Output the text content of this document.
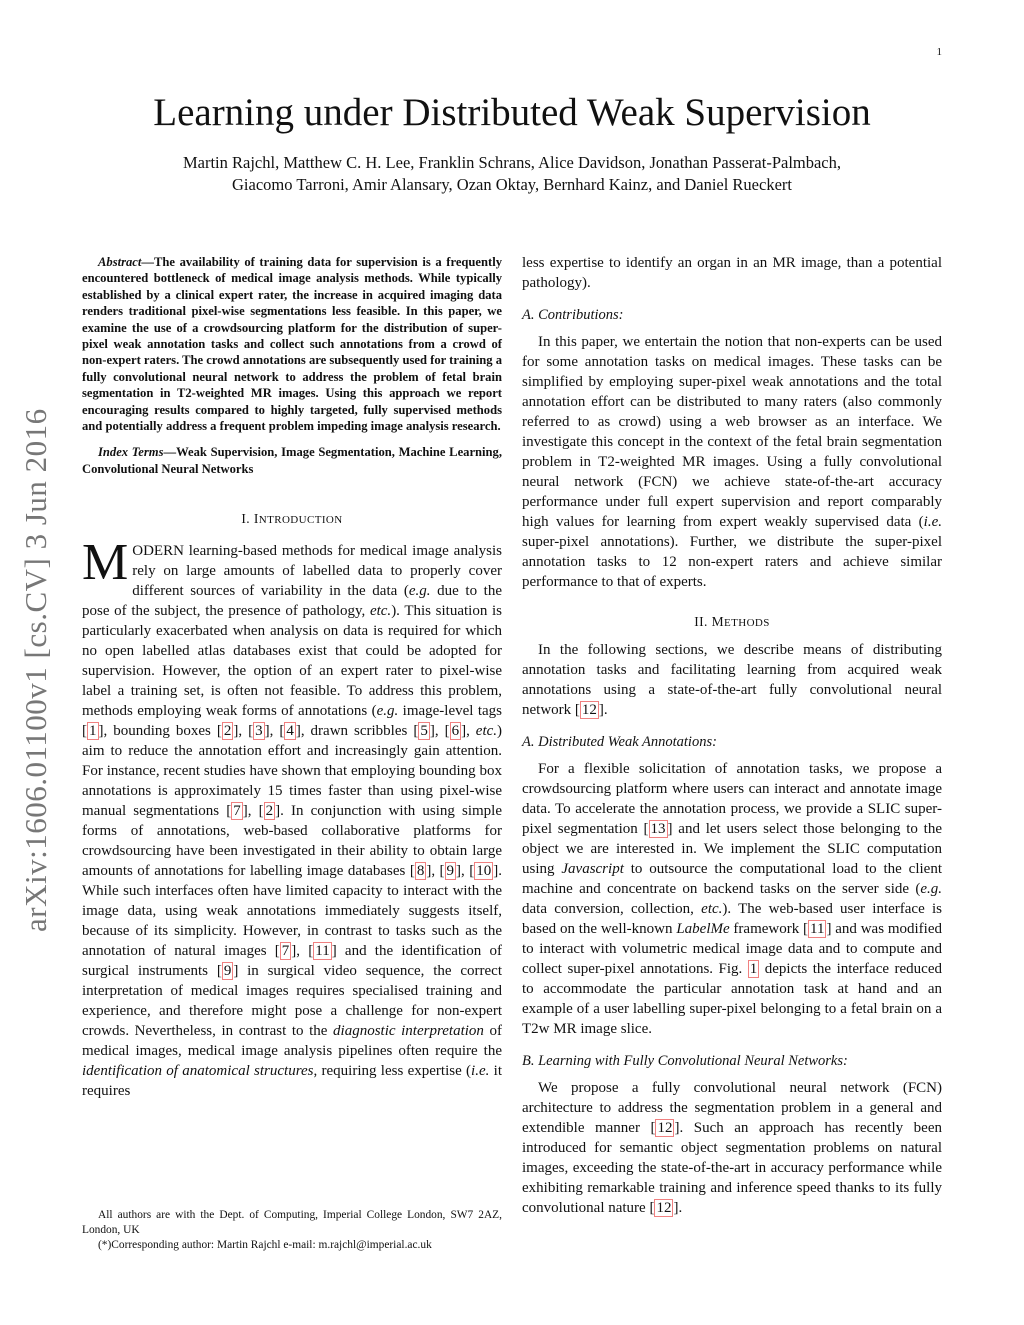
1
arXiv:1606.01100v1 [cs.CV] 3 Jun 2016
Learning under Distributed Weak Supervision
Martin Rajchl, Matthew C. H. Lee, Franklin Schrans, Alice Davidson, Jonathan Passerat-Palmbach,
Giacomo Tarroni, Amir Alansary, Ozan Oktay, Bernhard Kainz, and Daniel Rueckert

Abstract—The availability of training data for supervision is a frequently encountered bottleneck of medical image analysis methods. While typically established by a clinical expert rater, the increase in acquired imaging data renders traditional pixel-wise segmentations less feasible. In this paper, we examine the use of a crowdsourcing platform for the distribution of super-pixel weak annotation tasks and collect such annotations from a crowd of non-expert raters. The crowd annotations are subsequently used for training a fully convolutional neural network to address the problem of fetal brain segmentation in T2-weighted MR images. Using this approach we report encouraging results compared to highly targeted, fully supervised methods and potentially address a frequent problem impeding image analysis research.

Index Terms—Weak Supervision, Image Segmentation, Machine Learning, Convolutional Neural Networks

I. INTRODUCTION

MODERN learning-based methods for medical image analysis rely on large amounts of labelled data to properly cover different sources of variability in the data (e.g. due to the pose of the subject, the presence of pathology, etc.). This situation is particularly exacerbated when analysis on data is required for which no open labelled atlas databases exist that could be adopted for supervision. However, the option of an expert rater to pixel-wise label a training set, is often not feasible. To address this problem, methods employing weak forms of annotations (e.g. image-level tags [ 1 ], bounding boxes [ 2 ], [ 3 ], [ 4 ], drawn scribbles [ 5 ], [ 6 ], etc.) aim to reduce the annotation effort and increasingly gain attention. For instance, recent studies have shown that employing bounding box annotations is approximately 15 times faster than using pixel-wise manual segmentations [ 7 ], [ 2 ]. In conjunction with using simple forms of annotations, web-based collaborative platforms for crowdsourcing have been investigated in their ability to obtain large amounts of annotations for labelling image databases [ 8 ], [ 9 ], [ 10 ]. While such interfaces often have limited capacity to interact with the image data, using weak annotations immediately suggests itself, because of its simplicity. However, in contrast to tasks such as the annotation of natural images [ 7 ], [ 11 ] and the identification of surgical instruments [ 9 ] in surgical video sequence, the correct interpretation of medical images requires specialised training and experience, and therefore might pose a challenge for non-expert crowds. Nevertheless, in contrast to the diagnostic interpretation of medical images, medical image analysis pipelines often require the identification of anatomical structures, requiring less expertise (i.e. it requires

All authors are with the Dept. of Computing, Imperial College London, SW7 2AZ, London, UK
(*)Corresponding author: Martin Rajchl e-mail: m.rajchl@imperial.ac.uk

less expertise to identify an organ in an MR image, than a potential pathology).

A. Contributions:

In this paper, we entertain the notion that non-experts can be used for some annotation tasks on medical images. These tasks can be simplified by employing super-pixel weak annotations and the total annotation effort can be distributed to many raters (also commonly referred to as crowd) using a web browser as an interface. We investigate this concept in the context of the fetal brain segmentation problem in T2-weighted MR images. Using a fully convolutional neural network (FCN) we achieve state-of-the-art accuracy performance under full expert supervision and report comparably high values for learning from expert weakly supervised data (i.e. super-pixel annotations). Further, we distribute the super-pixel annotation tasks to 12 non-expert raters and achieve similar performance to that of experts.

II. METHODS

In the following sections, we describe means of distributing annotation tasks and facilitating learning from acquired weak annotations using a state-of-the-art fully convolutional neural network [ 12 ].

A. Distributed Weak Annotations:

For a flexible solicitation of annotation tasks, we propose a crowdsourcing platform where users can interact and annotate image data. To accelerate the annotation process, we provide a SLIC super-pixel segmentation [ 13 ] and let users select those belonging to the object we are interested in. We implement the SLIC computation using Javascript to outsource the computational load to the client machine and concentrate on backend tasks on the server side (e.g. data conversion, collection, etc.). The web-based user interface is based on the well-known LabelMe framework [ 11 ] and was modified to interact with volumetric medical image data and to compute and collect super-pixel annotations. Fig. 1 depicts the interface reduced to accommodate the particular annotation task at hand and an example of a user labelling super-pixel belonging to a fetal brain on a T2w MR image slice.

B. Learning with Fully Convolutional Neural Networks:

We propose a fully convolutional neural network (FCN) architecture to address the segmentation problem in a general and extendible manner [ 12 ]. Such an approach has recently been introduced for semantic object segmentation problems on natural images, exceeding the state-of-the-art in accuracy performance while exhibiting remarkable training and inference speed thanks to its fully convolutional nature [ 12 ].
